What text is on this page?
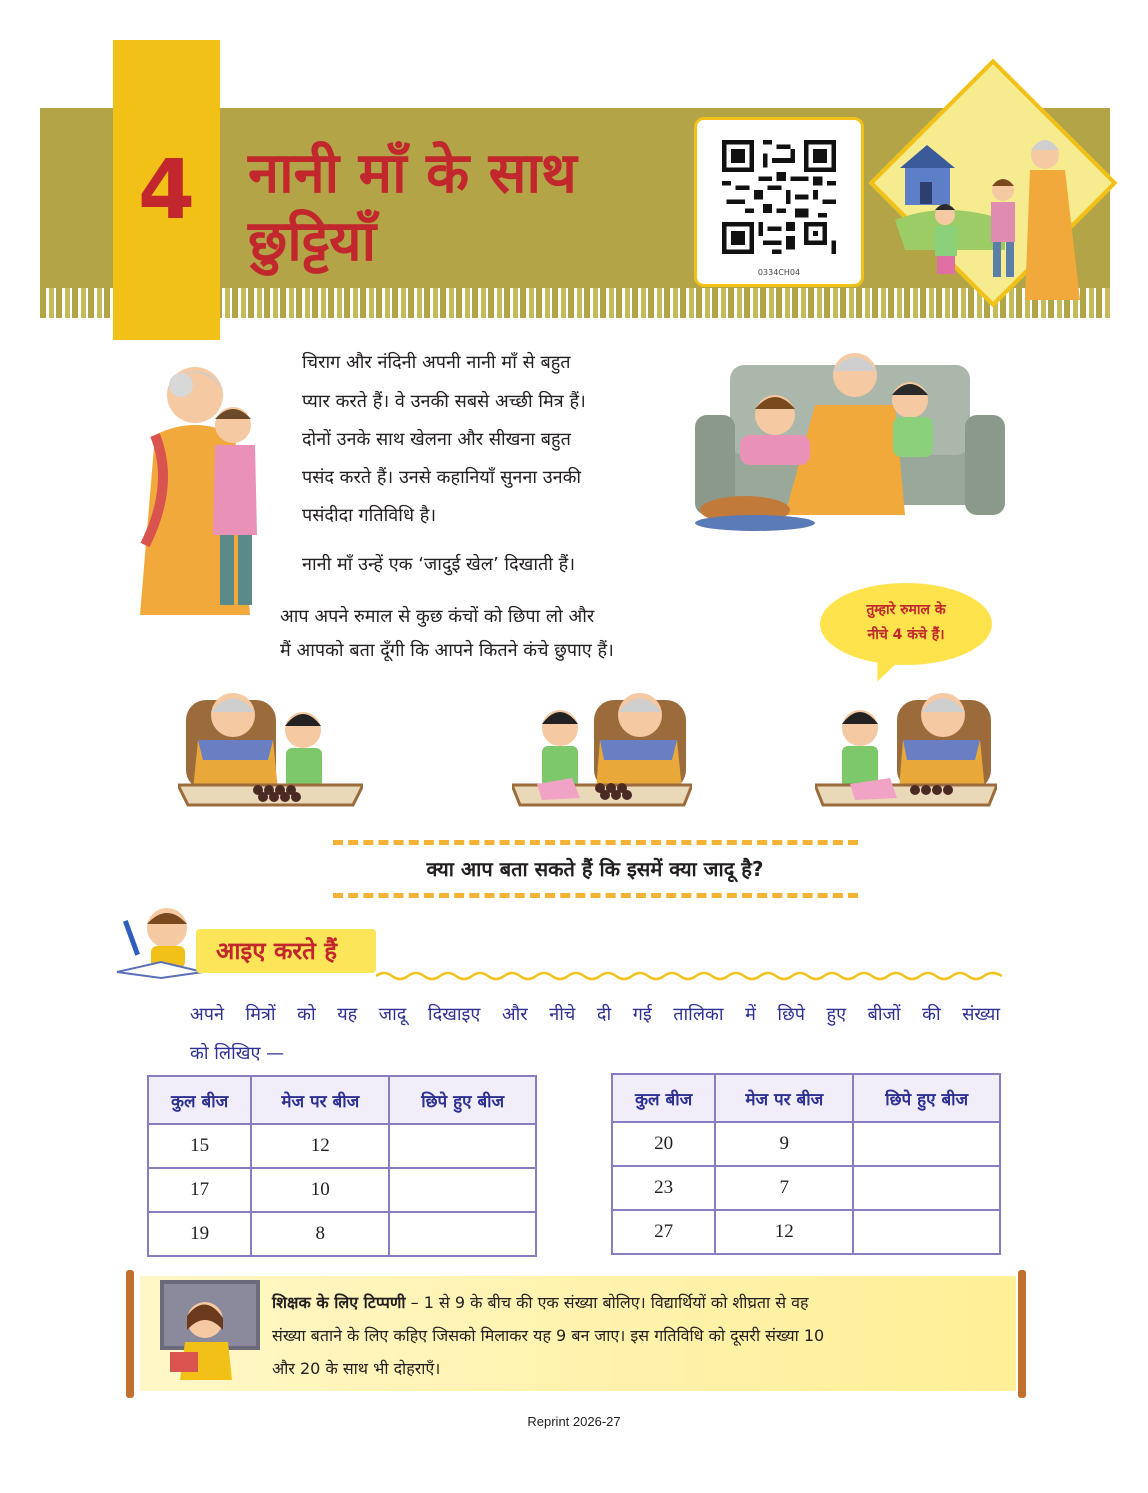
4 नानी माँ के साथ
छुट्टियाँ	0334CH04
चिराग और नंदिनी अपनी नानी माँ से बहुत
प्यार करते हैं। वे उनकी सबसे अच्छी मित्र हैं।
दोनों उनके साथ खेलना और सीखना बहुत
पसंद करते हैं। उनसे कहानियाँ सुनना उनकी
पसंदीदा गतिविधि है।
नानी माँ उन्हें एक ‘जादुई खेल’ दिखाती हैं।
आप अपने रुमाल से कुछ कंचों को छिपा लो और
मैं आपको बता दूँगी कि आपने कितने कंचे छुपाए हैं।
तुम्हारे रुमाल के
नीचे 4 कंचे हैं।
क्या आप बता सकते हैं कि इसमें क्या जादू है?
आइए करते हैं
अपने मित्रों को यह जादू दिखाइए और नीचे दी गई तालिका में छिपे हुए बीजों की संख्या
को लिखिए —
कुल बीज	मेज पर बीज	छिपे हुए बीज
15	12	
17	10	
19	8	
कुल बीज	मेज पर बीज	छिपे हुए बीज
20	9	
23	7	
27	12	
शिक्षक के लिए टिप्पणी – 1 से 9 के बीच की एक संख्या बोलिए। विद्यार्थियों को शीघ्रता से वह
संख्या बताने के लिए कहिए जिसको मिलाकर यह 9 बन जाए। इस गतिविधि को दूसरी संख्या 10
और 20 के साथ भी दोहराएँ।
Reprint 2026-27
